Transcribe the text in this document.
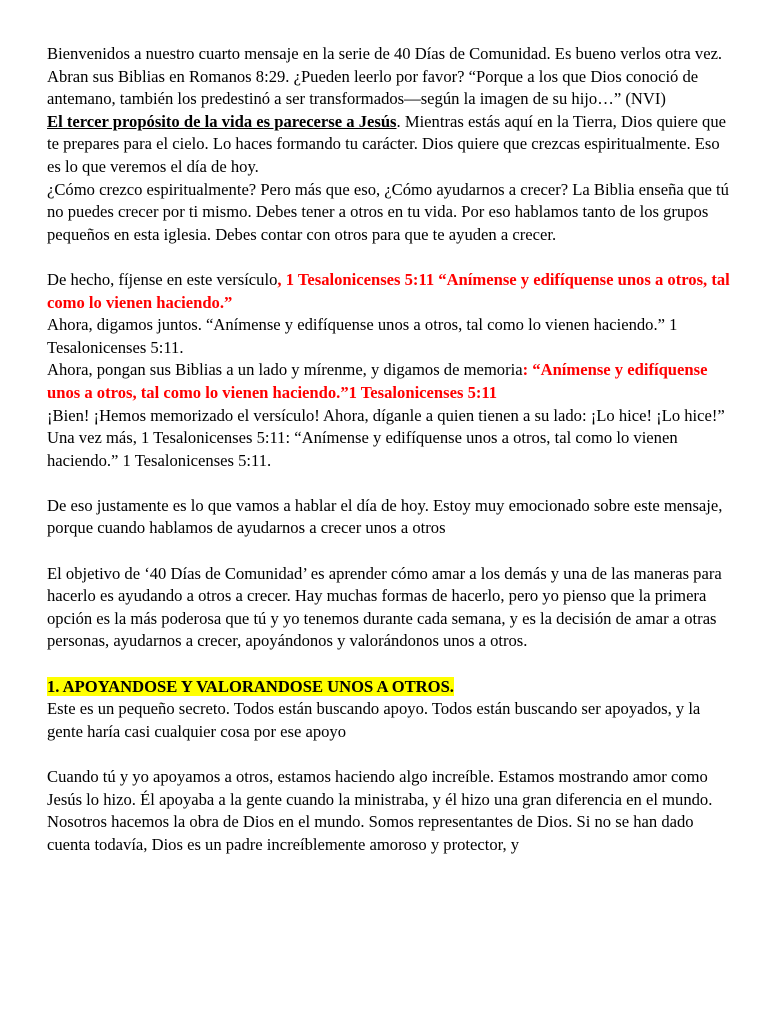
Bienvenidos a nuestro cuarto mensaje en la serie de 40 Días de Comunidad. Es bueno verlos otra vez. Abran sus Biblias en Romanos 8:29. ¿Pueden leerlo por favor? “Porque a los que Dios conoció de antemano, también los predestinó a ser transformados—según la imagen de su hijo…” (NVI)

El tercer propósito de la vida es parecerse a Jesús. Mientras estás aquí en la Tierra, Dios quiere que te prepares para el cielo. Lo haces formando tu carácter. Dios quiere que crezcas espiritualmente. Eso es lo que veremos el día de hoy.

¿Cómo crezco espiritualmente? Pero más que eso, ¿Cómo ayudarnos a crecer? La Biblia enseña que tú no puedes crecer por ti mismo. Debes tener a otros en tu vida. Por eso hablamos tanto de los grupos pequeños en esta iglesia. Debes contar con otros para que te ayuden a crecer.

De hecho, fíjense en este versículo, 1 Tesalonicenses 5:11 “Anímense y edifíquense unos a otros, tal como lo vienen haciendo.”

Ahora, digamos juntos. “Anímense y edifíquense unos a otros, tal como lo vienen haciendo.” 1 Tesalonicenses 5:11.

Ahora, pongan sus Biblias a un lado y mírenme, y digamos de memoria: “Anímense y edifíquense unos a otros, tal como lo vienen haciendo.”1 Tesalonicenses 5:11

¡Bien! ¡Hemos memorizado el versículo! Ahora, díganle a quien tienen a su lado: ¡Lo hice! ¡Lo hice!”

Una vez más, 1 Tesalonicenses 5:11: “Anímense y edifíquense unos a otros, tal como lo vienen haciendo.” 1 Tesalonicenses 5:11.

De eso justamente es lo que vamos a hablar el día de hoy. Estoy muy emocionado sobre este mensaje, porque cuando hablamos de ayudarnos a crecer unos a otros

El objetivo de ‘40 Días de Comunidad’ es aprender cómo amar a los demás y una de las maneras para hacerlo es ayudando a otros a crecer. Hay muchas formas de hacerlo, pero yo pienso que la primera opción es la más poderosa que tú y yo tenemos durante cada semana, y es la decisión de amar a otras personas, ayudarnos a crecer, apoyándonos y valorándonos unos a otros.

1. APOYANDOSE Y VALORANDOSE UNOS A OTROS.

Este es un pequeño secreto. Todos están buscando apoyo. Todos están buscando ser apoyados, y la gente haría casi cualquier cosa por ese apoyo

Cuando tú y yo apoyamos a otros, estamos haciendo algo increíble. Estamos mostrando amor como Jesús lo hizo. Él apoyaba a la gente cuando la ministraba, y él hizo una gran diferencia en el mundo. Nosotros hacemos la obra de Dios en el mundo. Somos representantes de Dios. Si no se han dado cuenta todavía, Dios es un padre increíblemente amoroso y protector, y
